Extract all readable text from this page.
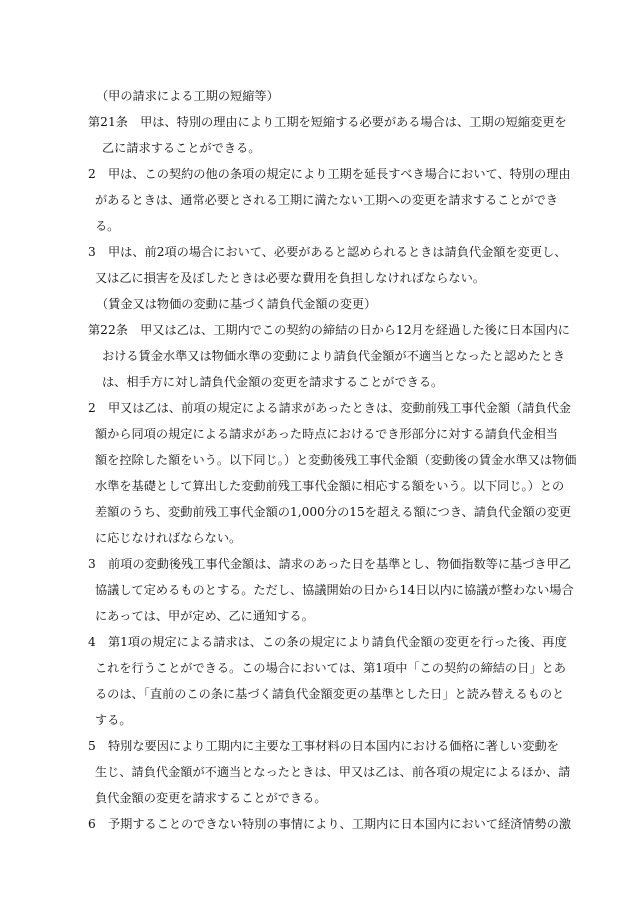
（甲の請求による工期の短縮等）

第21条　甲は、特別の理由により工期を短縮する必要がある場合は、工期の短縮変更を

乙に請求することができる。

2　甲は、この契約の他の条項の規定により工期を延長すべき場合において、特別の理由

があるときは、通常必要とされる工期に満たない工期への変更を請求することができ

る。

3　甲は、前2項の場合において、必要があると認められるときは請負代金額を変更し、

又は乙に損害を及ぼしたときは必要な費用を負担しなければならない。

（賃金又は物価の変動に基づく請負代金額の変更）

第22条　甲又は乙は、工期内でこの契約の締結の日から12月を経過した後に日本国内に

おける賃金水準又は物価水準の変動により請負代金額が不適当となったと認めたとき

は、相手方に対し請負代金額の変更を請求することができる。

2　甲又は乙は、前項の規定による請求があったときは、変動前残工事代金額（請負代金

額から同項の規定による請求があった時点におけるでき形部分に対する請負代金相当

額を控除した額をいう。以下同じ。）と変動後残工事代金額（変動後の賃金水準又は物価

水準を基礎として算出した変動前残工事代金額に相応する額をいう。以下同じ。）との

差額のうち、変動前残工事代金額の1,000分の15を超える額につき、請負代金額の変更

に応じなければならない。

3　前項の変動後残工事代金額は、請求のあった日を基準とし、物価指数等に基づき甲乙

協議して定めるものとする。ただし、協議開始の日から14日以内に協議が整わない場合

にあっては、甲が定め、乙に通知する。

4　第1項の規定による請求は、この条の規定により請負代金額の変更を行った後、再度

これを行うことができる。この場合においては、第1項中「この契約の締結の日」とあ

るのは、「直前のこの条に基づく請負代金額変更の基準とした日」と読み替えるものと

する。

5　特別な要因により工期内に主要な工事材料の日本国内における価格に著しい変動を

生じ、請負代金額が不適当となったときは、甲又は乙は、前各項の規定によるほか、請

負代金額の変更を請求することができる。

6　予期することのできない特別の事情により、工期内に日本国内において経済情勢の激
